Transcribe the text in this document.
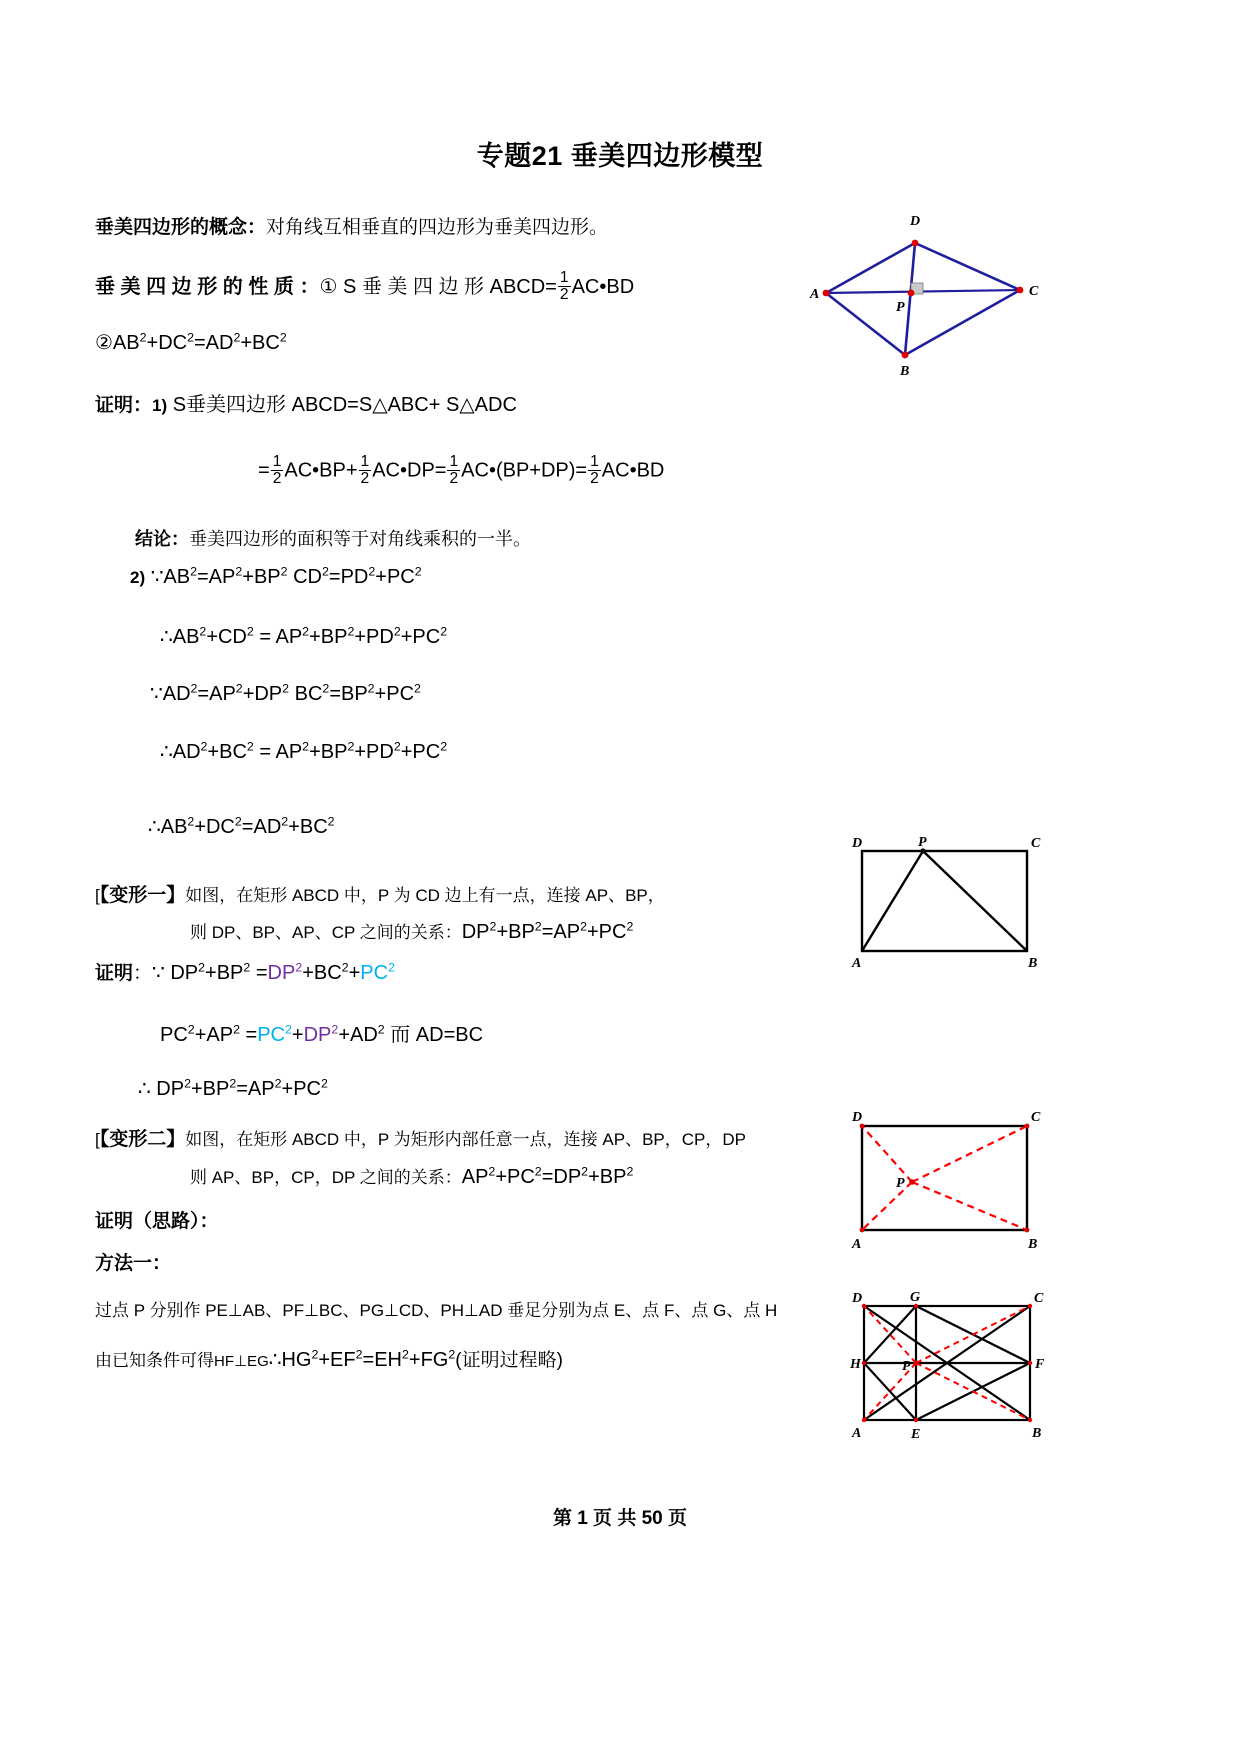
专题21 垂美四边形模型
垂美四边形的概念：对角线互相垂直的四边形为垂美四边形。
垂 美 四 边 形 的 性 质 ：① S 垂 美 四 边 形 ABCD= $\frac{1}{2}$ AC•BD
$②AB^2+DC^2=AD^2+BC^2$
证明：1) S垂美四边形 ABCD=S△ABC+ S△ADC
= $\frac{1}{2}$ AC•BP+ $\frac{1}{2}$ AC•DP= $\frac{1}{2}$ AC•(BP+DP)= $\frac{1}{2}$ AC•BD
结论：垂美四边形的面积等于对角线乘积的一半。
2) $\because AB^2=AP^2+BP^2$ $CD^2=PD^2+PC^2$
$\therefore AB^2+CD^2 = AP^2+BP^2+PD^2+PC^2$
$\because AD^2=AP^2+DP^2$ $BC^2=BP^2+PC^2$
$\therefore AD^2+BC^2 = AP^2+BP^2+PD^2+PC^2$
$\therefore AB^2+DC^2=AD^2+BC^2$
[【变形一】如图，在矩形 ABCD 中，P 为 CD 边上有一点，连接 AP、BP，
则 DP、BP、AP、CP 之间的关系：$DP^2+BP^2=AP^2+PC^2$
证明：∵ $DP^2+BP^2 =DP^2+BC^2+PC^2$
$PC^2+AP^2 =PC^2+DP^2+AD^2$ 而 AD=BC
∴ $DP^2+BP^2=AP^2+PC^2$
[【变形二】如图，在矩形 ABCD 中，P 为矩形内部任意一点，连接 AP、BP，CP，DP
则 AP、BP，CP，DP 之间的关系：$AP^2+PC^2=DP^2+BP^2$
证明（思路）：
方法一：
过点 P 分别作 PE⊥AB、PF⊥BC、PG⊥CD、PH⊥AD 垂足分别为点 E、点 F、点 G、点 H
由已知条件可得$HF\perp EG\therefore HG^2+EF^2=EH^2+FG^2$(证明过程略)
D
A	C
P
B
D	P	C
A	B
D	C
P
A	B
D	G	C
H	P	F
A	E	B
第 1 页 共 50 页
